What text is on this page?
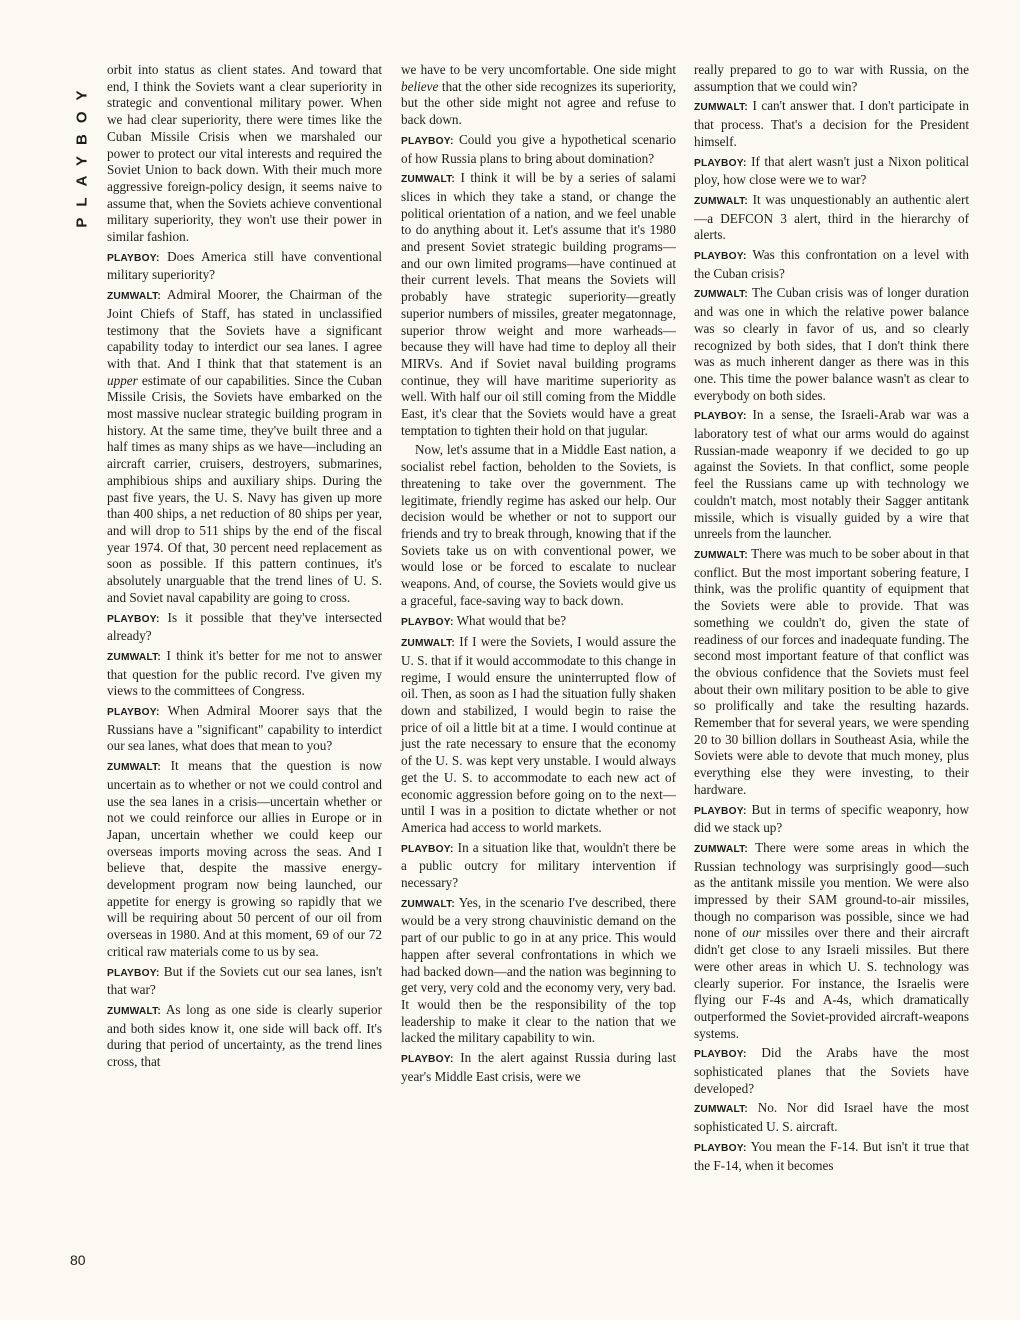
PLAYBOY
80

orbit into status as client states. And toward that end, I think the Soviets want a clear superiority in strategic and conventional military power. When we had clear superiority, there were times like the Cuban Missile Crisis when we marshaled our power to protect our vital interests and required the Soviet Union to back down. With their much more aggressive foreign-policy design, it seems naive to assume that, when the Soviets achieve conventional military superiority, they won't use their power in similar fashion.

PLAYBOY: Does America still have conventional military superiority?

ZUMWALT: Admiral Moorer, the Chairman of the Joint Chiefs of Staff, has stated in unclassified testimony that the Soviets have a significant capability today to interdict our sea lanes. I agree with that. And I think that that statement is an upper estimate of our capabilities. Since the Cuban Missile Crisis, the Soviets have embarked on the most massive nuclear strategic building program in history. At the same time, they've built three and a half times as many ships as we have—including an aircraft carrier, cruisers, destroyers, submarines, amphibious ships and auxiliary ships. During the past five years, the U. S. Navy has given up more than 400 ships, a net reduction of 80 ships per year, and will drop to 511 ships by the end of the fiscal year 1974. Of that, 30 percent need replacement as soon as possible. If this pattern continues, it's absolutely unarguable that the trend lines of U. S. and Soviet naval capability are going to cross.

PLAYBOY: Is it possible that they've intersected already?

ZUMWALT: I think it's better for me not to answer that question for the public record. I've given my views to the committees of Congress.

PLAYBOY: When Admiral Moorer says that the Russians have a "significant" capability to interdict our sea lanes, what does that mean to you?

ZUMWALT: It means that the question is now uncertain as to whether or not we could control and use the sea lanes in a crisis—uncertain whether or not we could reinforce our allies in Europe or in Japan, uncertain whether we could keep our overseas imports moving across the seas. And I believe that, despite the massive energy-development program now being launched, our appetite for energy is growing so rapidly that we will be requiring about 50 percent of our oil from overseas in 1980. And at this moment, 69 of our 72 critical raw materials come to us by sea.

PLAYBOY: But if the Soviets cut our sea lanes, isn't that war?

ZUMWALT: As long as one side is clearly superior and both sides know it, one side will back off. It's during that period of uncertainty, as the trend lines cross, that

we have to be very uncomfortable. One side might believe that the other side recognizes its superiority, but the other side might not agree and refuse to back down.

PLAYBOY: Could you give a hypothetical scenario of how Russia plans to bring about domination?

ZUMWALT: I think it will be by a series of salami slices in which they take a stand, or change the political orientation of a nation, and we feel unable to do anything about it. Let's assume that it's 1980 and present Soviet strategic building programs—and our own limited programs—have continued at their current levels. That means the Soviets will probably have strategic superiority—greatly superior numbers of missiles, greater megatonnage, superior throw weight and more warheads—because they will have had time to deploy all their MIRVs. And if Soviet naval building programs continue, they will have maritime superiority as well. With half our oil still coming from the Middle East, it's clear that the Soviets would have a great temptation to tighten their hold on that jugular.

Now, let's assume that in a Middle East nation, a socialist rebel faction, beholden to the Soviets, is threatening to take over the government. The legitimate, friendly regime has asked our help. Our decision would be whether or not to support our friends and try to break through, knowing that if the Soviets take us on with conventional power, we would lose or be forced to escalate to nuclear weapons. And, of course, the Soviets would give us a graceful, face-saving way to back down.

PLAYBOY: What would that be?

ZUMWALT: If I were the Soviets, I would assure the U. S. that if it would accommodate to this change in regime, I would ensure the uninterrupted flow of oil. Then, as soon as I had the situation fully shaken down and stabilized, I would begin to raise the price of oil a little bit at a time. I would continue at just the rate necessary to ensure that the economy of the U. S. was kept very unstable. I would always get the U. S. to accommodate to each new act of economic aggression before going on to the next—until I was in a position to dictate whether or not America had access to world markets.

PLAYBOY: In a situation like that, wouldn't there be a public outcry for military intervention if necessary?

ZUMWALT: Yes, in the scenario I've described, there would be a very strong chauvinistic demand on the part of our public to go in at any price. This would happen after several confrontations in which we had backed down—and the nation was beginning to get very, very cold and the economy very, very bad. It would then be the responsibility of the top leadership to make it clear to the nation that we lacked the military capability to win.

PLAYBOY: In the alert against Russia during last year's Middle East crisis, were we

really prepared to go to war with Russia, on the assumption that we could win?

ZUMWALT: I can't answer that. I don't participate in that process. That's a decision for the President himself.

PLAYBOY: If that alert wasn't just a Nixon political ploy, how close were we to war?

ZUMWALT: It was unquestionably an authentic alert—a DEFCON 3 alert, third in the hierarchy of alerts.

PLAYBOY: Was this confrontation on a level with the Cuban crisis?

ZUMWALT: The Cuban crisis was of longer duration and was one in which the relative power balance was so clearly in favor of us, and so clearly recognized by both sides, that I don't think there was as much inherent danger as there was in this one. This time the power balance wasn't as clear to everybody on both sides.

PLAYBOY: In a sense, the Israeli-Arab war was a laboratory test of what our arms would do against Russian-made weaponry if we decided to go up against the Soviets. In that conflict, some people feel the Russians came up with technology we couldn't match, most notably their Sagger antitank missile, which is visually guided by a wire that unreels from the launcher.

ZUMWALT: There was much to be sober about in that conflict. But the most important sobering feature, I think, was the prolific quantity of equipment that the Soviets were able to provide. That was something we couldn't do, given the state of readiness of our forces and inadequate funding. The second most important feature of that conflict was the obvious confidence that the Soviets must feel about their own military position to be able to give so prolifically and take the resulting hazards. Remember that for several years, we were spending 20 to 30 billion dollars in Southeast Asia, while the Soviets were able to devote that much money, plus everything else they were investing, to their hardware.

PLAYBOY: But in terms of specific weaponry, how did we stack up?

ZUMWALT: There were some areas in which the Russian technology was surprisingly good—such as the antitank missile you mention. We were also impressed by their SAM ground-to-air missiles, though no comparison was possible, since we had none of our missiles over there and their aircraft didn't get close to any Israeli missiles. But there were other areas in which U. S. technology was clearly superior. For instance, the Israelis were flying our F-4s and A-4s, which dramatically outperformed the Soviet-provided aircraft-weapons systems.

PLAYBOY: Did the Arabs have the most sophisticated planes that the Soviets have developed?

ZUMWALT: No. Nor did Israel have the most sophisticated U. S. aircraft.

PLAYBOY: You mean the F-14. But isn't it true that the F-14, when it becomes
